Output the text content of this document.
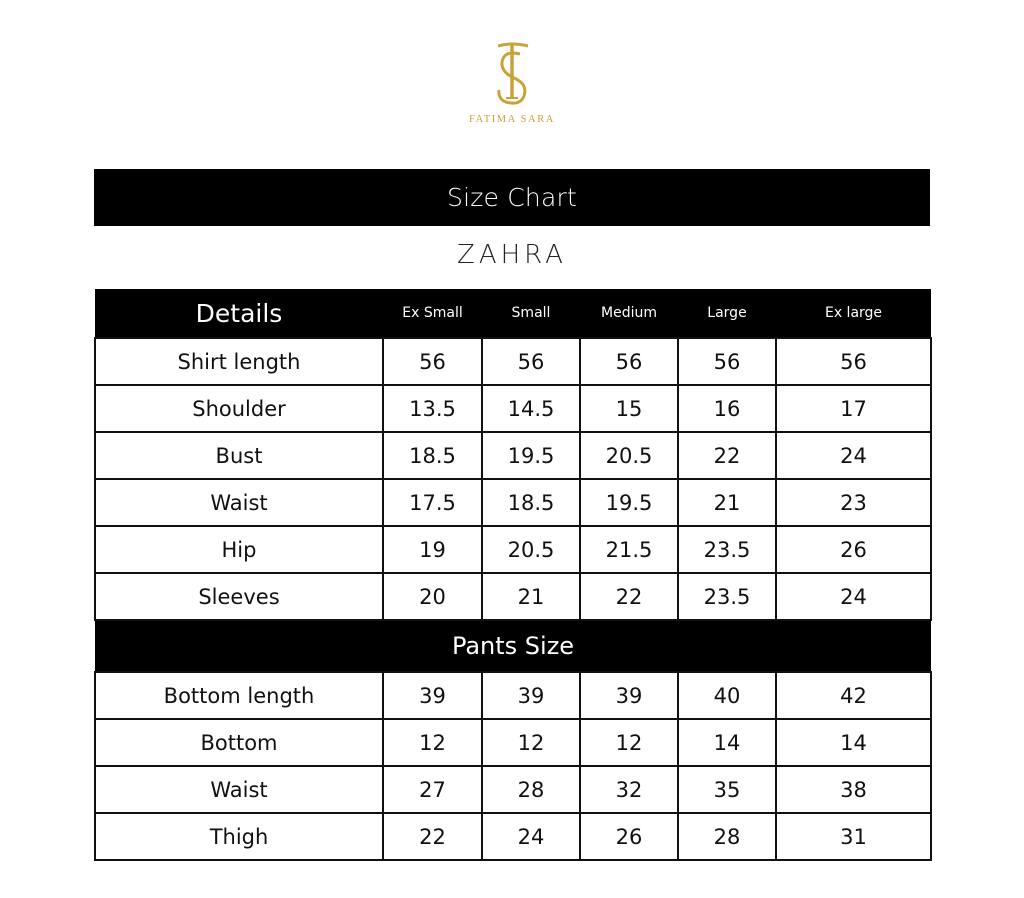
FATIMA SARA
Size Chart
ZAHRA
Details	Ex Small	Small	Medium	Large	Ex large
Shirt length	56	56	56	56	56
Shoulder	13.5	14.5	15	16	17
Bust	18.5	19.5	20.5	22	24
Waist	17.5	18.5	19.5	21	23
Hip	19	20.5	21.5	23.5	26
Sleeves	20	21	22	23.5	24
Pants Size					
Bottom length	39	39	39	40	42
Bottom	12	12	12	14	14
Waist	27	28	32	35	38
Thigh	22	24	26	28	31
